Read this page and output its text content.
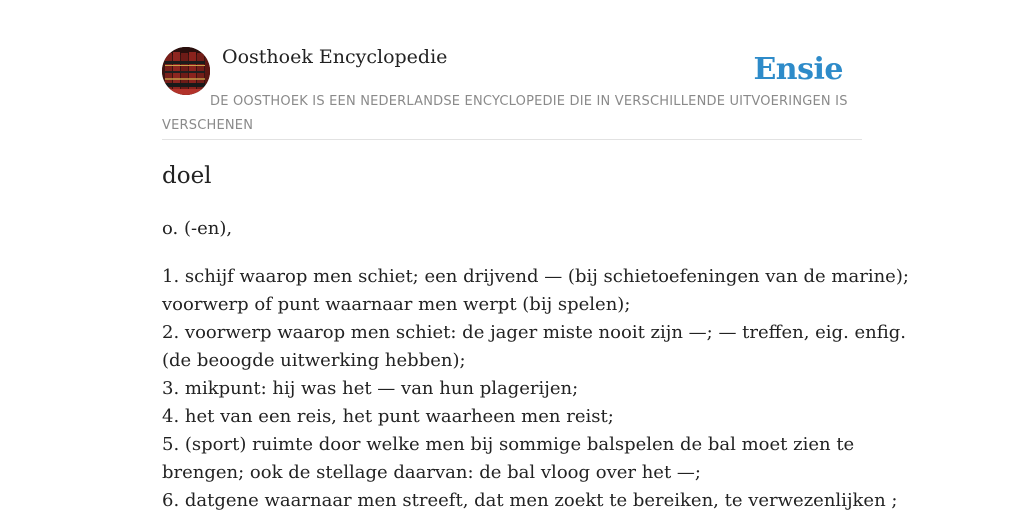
Oosthoek Encyclopedie	Ensie
DE OOSTHOEK IS EEN NEDERLANDSE ENCYCLOPEDIE DIE IN VERSCHILLENDE UITVOERINGEN IS VERSCHENEN
doel
o. (-en),
1. schijf waarop men schiet; een drijvend — (bij schietoefeningen van de marine);
voorwerp of punt waarnaar men werpt (bij spelen);
2. voorwerp waarop men schiet: de jager miste nooit zijn —; — treffen, eig. enfig.
(de beoogde uitwerking hebben);
3. mikpunt: hij was het — van hun plagerijen;
4. het van een reis, het punt waarheen men reist;
5. (sport) ruimte door welke men bij sommige balspelen de bal moet zien te
brengen; ook de stellage daarvan: de bal vloog over het —;
6. datgene waarnaar men streeft, dat men zoekt te bereiken, te verwezenlijken ;
